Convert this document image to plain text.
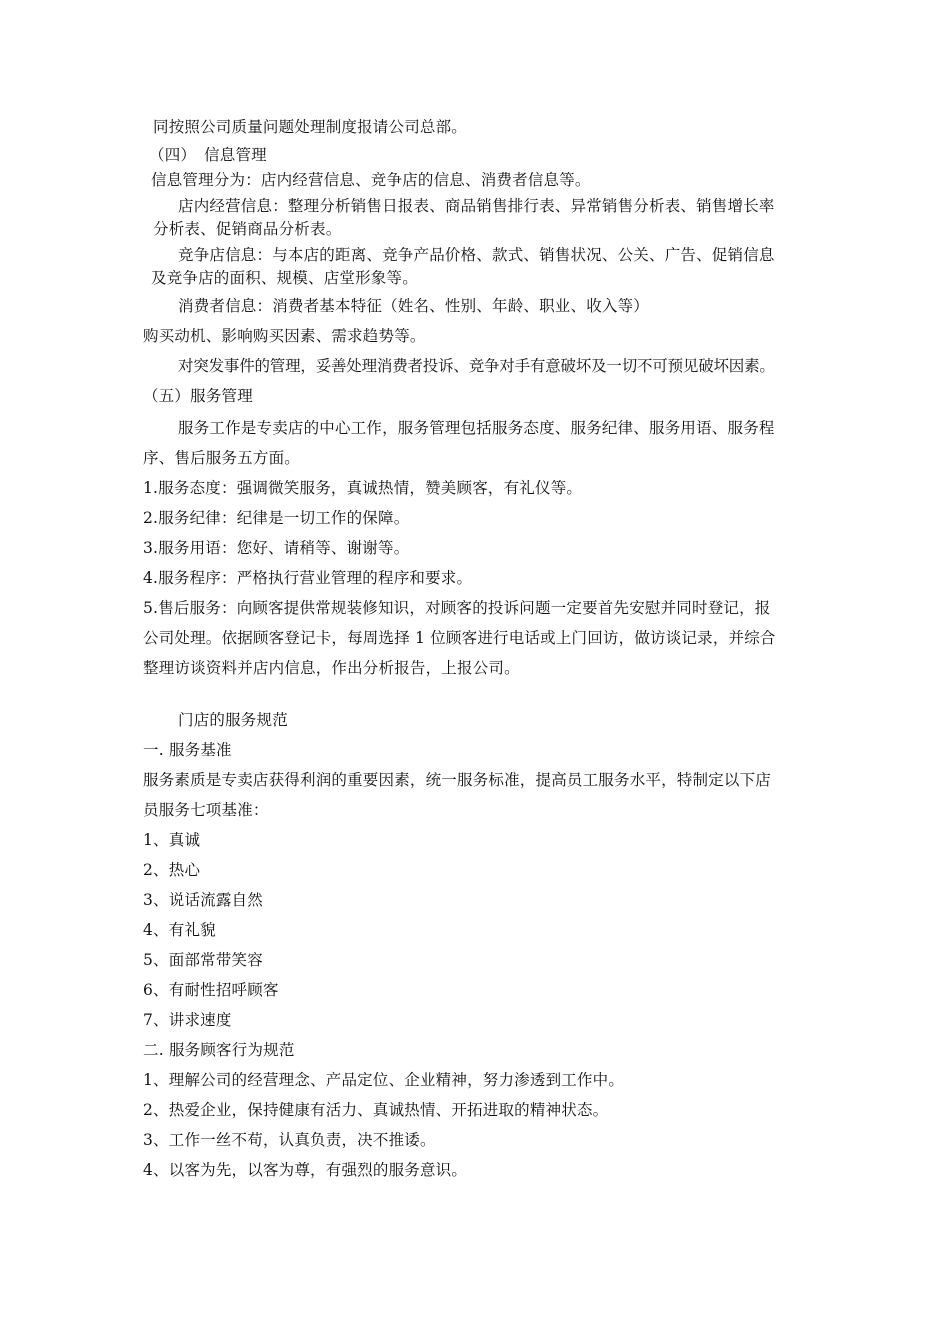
同按照公司质量问题处理制度报请公司总部。

（四）　信息管理

信息管理分为：店内经营信息、竞争店的信息、消费者信息等。

店内经营信息：整理分析销售日报表、商品销售排行表、异常销售分析表、销售增长率

分析表、促销商品分析表。

竞争店信息：与本店的距离、竞争产品价格、款式、销售状况、公关、广告、促销信息

及竞争店的面积、规模、店堂形象等。

消费者信息：消费者基本特征（姓名、性别、年龄、职业、收入等）

购买动机、影响购买因素、需求趋势等。

对突发事件的管理，妥善处理消费者投诉、竞争对手有意破坏及一切不可预见破坏因素。

（五）服务管理

服务工作是专卖店的中心工作，服务管理包括服务态度、服务纪律、服务用语、服务程

序、售后服务五方面。

1.服务态度：强调微笑服务，真诚热情，赞美顾客，有礼仪等。

2.服务纪律：纪律是一切工作的保障。

3.服务用语：您好、请稍等、谢谢等。

4.服务程序：严格执行营业管理的程序和要求。

5.售后服务：向顾客提供常规装修知识，对顾客的投诉问题一定要首先安慰并同时登记，报

公司处理。依据顾客登记卡，每周选择 1 位顾客进行电话或上门回访，做访谈记录，并综合

整理访谈资料并店内信息，作出分析报告，上报公司。

门店的服务规范

一. 服务基准

服务素质是专卖店获得利润的重要因素，统一服务标准，提高员工服务水平，特制定以下店

员服务七项基准：

1、真诚

2、热心

3、说话流露自然

4、有礼貌

5、面部常带笑容

6、有耐性招呼顾客

7、讲求速度

二. 服务顾客行为规范

1、理解公司的经营理念、产品定位、企业精神，努力渗透到工作中。

2、热爱企业，保持健康有活力、真诚热情、开拓进取的精神状态。

3、工作一丝不苟，认真负责，决不推诿。

4、以客为先，以客为尊，有强烈的服务意识。
